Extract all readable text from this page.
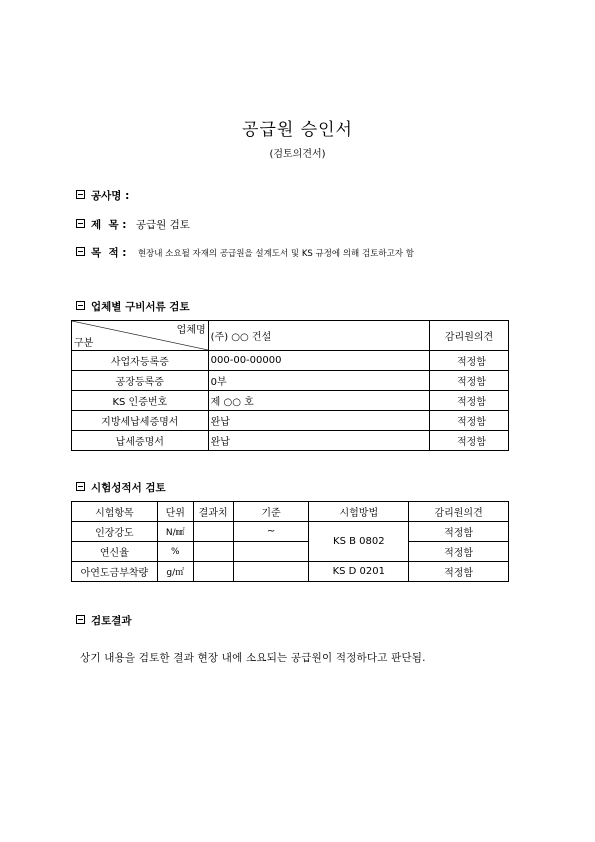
공급원 승인서
(검토의견서)
공사명 :
제  목 : 공급원 검토
목  적 : 현장내 소요될 자재의 공급원을 설계도서 및 KS 규정에 의해 검토하고자 함
업체별 구비서류 검토
업체명
구분	(주) ○○ 건설	감리원의견
사업자등록증	000-00-00000	적정함
공장등록증	0부	적정함
KS 인증번호	제 ○○ 호	적정함
지방세납세증명서	완납	적정함
납세증명서	완납	적정함
시험성적서 검토
시험항목	단위	결과치	기준	시험방법	감리원의견
인장강도	N/㎟		~	KS B 0802	적정함
연신율	%				적정함
아연도금부착량	g/㎡			KS D 0201	적정함
검토결과
상기 내용을 검토한 결과 현장 내에 소요되는 공급원이 적정하다고 판단됨.
